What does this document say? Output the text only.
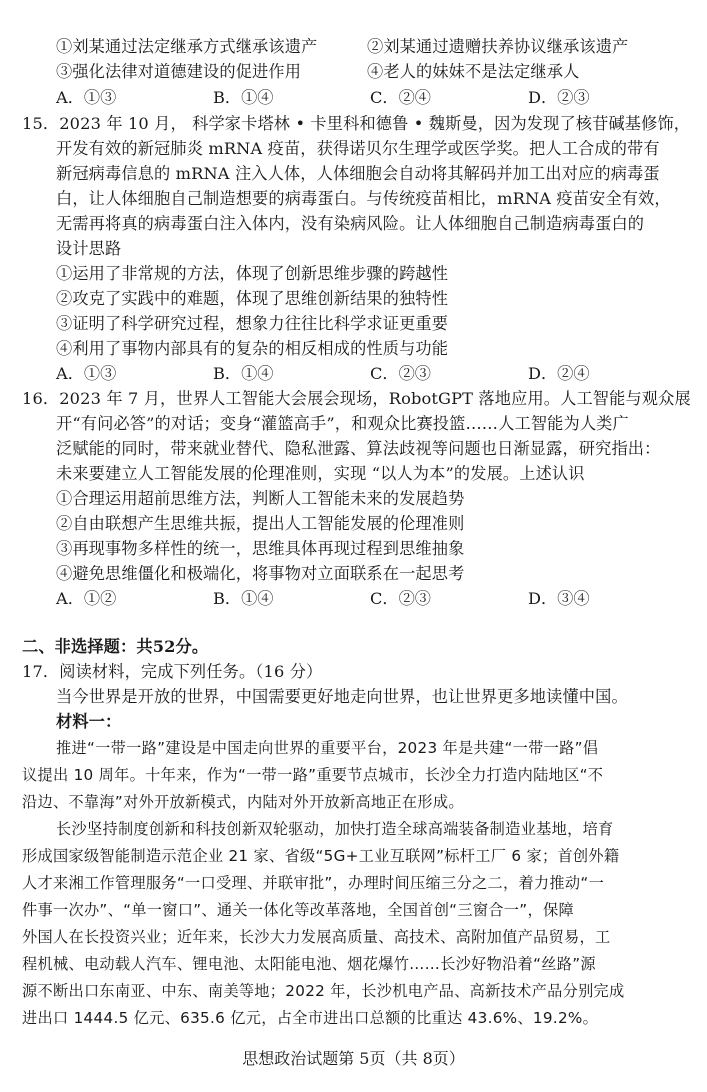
①刘某通过法定继承方式继承该遗产	②刘某通过遗赠扶养协议继承该遗产
③强化法律对道德建设的促进作用	④老人的妹妹不是法定继承人
A．①③	B．①④	C．②④	D．②③
15．2023 年 10 月， 科学家卡塔林 • 卡里科和德鲁 • 魏斯曼，因为发现了核苷碱基修饰，
开发有效的新冠肺炎 mRNA 疫苗，获得诺贝尔生理学或医学奖。把人工合成的带有
新冠病毒信息的 mRNA 注入人体，人体细胞会自动将其解码并加工出对应的病毒蛋
白，让人体细胞自己制造想要的病毒蛋白。与传统疫苗相比，mRNA 疫苗安全有效，
无需再将真的病毒蛋白注入体内，没有染病风险。让人体细胞自己制造病毒蛋白的
设计思路
①运用了非常规的方法，体现了创新思维步骤的跨越性
②攻克了实践中的难题，体现了思维创新结果的独特性
③证明了科学研究过程，想象力往往比科学求证更重要
④利用了事物内部具有的复杂的相反相成的性质与功能
A．①③	B．①④	C．②③	D．②④
16．2023 年 7 月，世界人工智能大会展会现场，RobotGPT 落地应用。人工智能与观众展
开“有问必答”的对话；变身“灌篮高手”，和观众比赛投篮……人工智能为人类广
泛赋能的同时，带来就业替代、隐私泄露、算法歧视等问题也日渐显露，研究指出：
未来要建立人工智能发展的伦理准则，实现 “以人为本”的发展。上述认识
①合理运用超前思维方法，判断人工智能未来的发展趋势
②自由联想产生思维共振，提出人工智能发展的伦理准则
③再现事物多样性的统一，思维具体再现过程到思维抽象
④避免思维僵化和极端化，将事物对立面联系在一起思考
A．①②	B．①④	C．②③	D．③④
二、非选择题：共52分。
17．阅读材料，完成下列任务。（16 分）
当今世界是开放的世界，中国需要更好地走向世界，也让世界更多地读懂中国。
材料一：
推进“一带一路”建设是中国走向世界的重要平台，2023 年是共建“一带一路”倡
议提出 10 周年。十年来，作为“一带一路”重要节点城市，长沙全力打造内陆地区“不
沿边、不靠海”对外开放新模式，内陆对外开放新高地正在形成。
长沙坚持制度创新和科技创新双轮驱动，加快打造全球高端装备制造业基地，培育
形成国家级智能制造示范企业 21 家、省级“5G+工业互联网”标杆工厂 6 家；首创外籍
人才来湘工作管理服务“一口受理、并联审批”，办理时间压缩三分之二，着力推动“一
件事一次办”、“单一窗口”、通关一体化等改革落地，全国首创“三窗合一”，保障
外国人在长投资兴业；近年来，长沙大力发展高质量、高技术、高附加值产品贸易，工
程机械、电动载人汽车、锂电池、太阳能电池、烟花爆竹……长沙好物沿着“丝路”源
源不断出口东南亚、中东、南美等地；2022 年，长沙机电产品、高新技术产品分别完成
进出口 1444.5 亿元、635.6 亿元，占全市进出口总额的比重达 43.6%、19.2%。
思想政治试题第 5页（共 8页）
